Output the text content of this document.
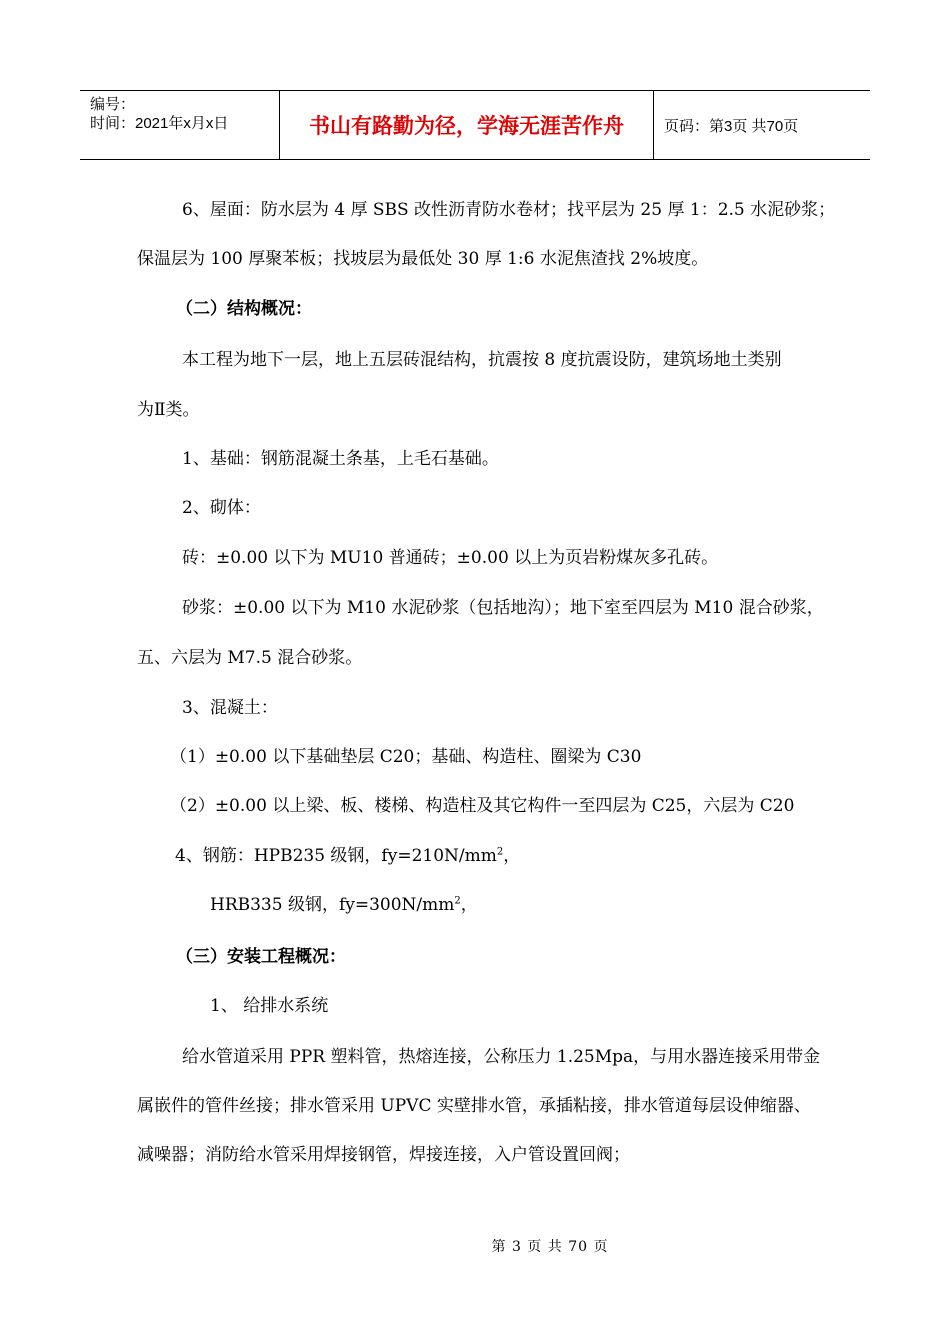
编号：
时间：2021年x月x日	书山有路勤为径，学海无涯苦作舟	页码：第3页 共70页
6、屋面：防水层为 4 厚 SBS 改性沥青防水卷材；找平层为 25 厚 1：2.5 水泥砂浆；
保温层为 100 厚聚苯板；找坡层为最低处 30 厚 1:6 水泥焦渣找 2%坡度。
（二）结构概况：
本工程为地下一层，地上五层砖混结构，抗震按 8 度抗震设防，建筑场地土类别
为Ⅱ类。
1、基础：钢筋混凝土条基，上毛石基础。
2、砌体：
砖：±0.00 以下为 MU10 普通砖；±0.00 以上为页岩粉煤灰多孔砖。
砂浆：±0.00 以下为 M10 水泥砂浆（包括地沟）；地下室至四层为 M10 混合砂浆，
五、六层为 M7.5 混合砂浆。
3、混凝土：
（1）±0.00 以下基础垫层 C20；基础、构造柱、圈梁为 C30
（2）±0.00 以上梁、板、楼梯、构造柱及其它构件一至四层为 C25，六层为 C20
4、钢筋：HPB235 级钢，$fy=210N/mm^2$，
HRB335 级钢，$fy=300N/mm^2$，
（三）安装工程概况：
1、 给排水系统
给水管道采用 PPR 塑料管，热熔连接，公称压力 1.25Mpa，与用水器连接采用带金
属嵌件的管件丝接；排水管采用 UPVC 实壁排水管，承插粘接，排水管道每层设伸缩器、
减噪器；消防给水管采用焊接钢管，焊接连接，入户管设置回阀；
第 3 页 共 70 页
